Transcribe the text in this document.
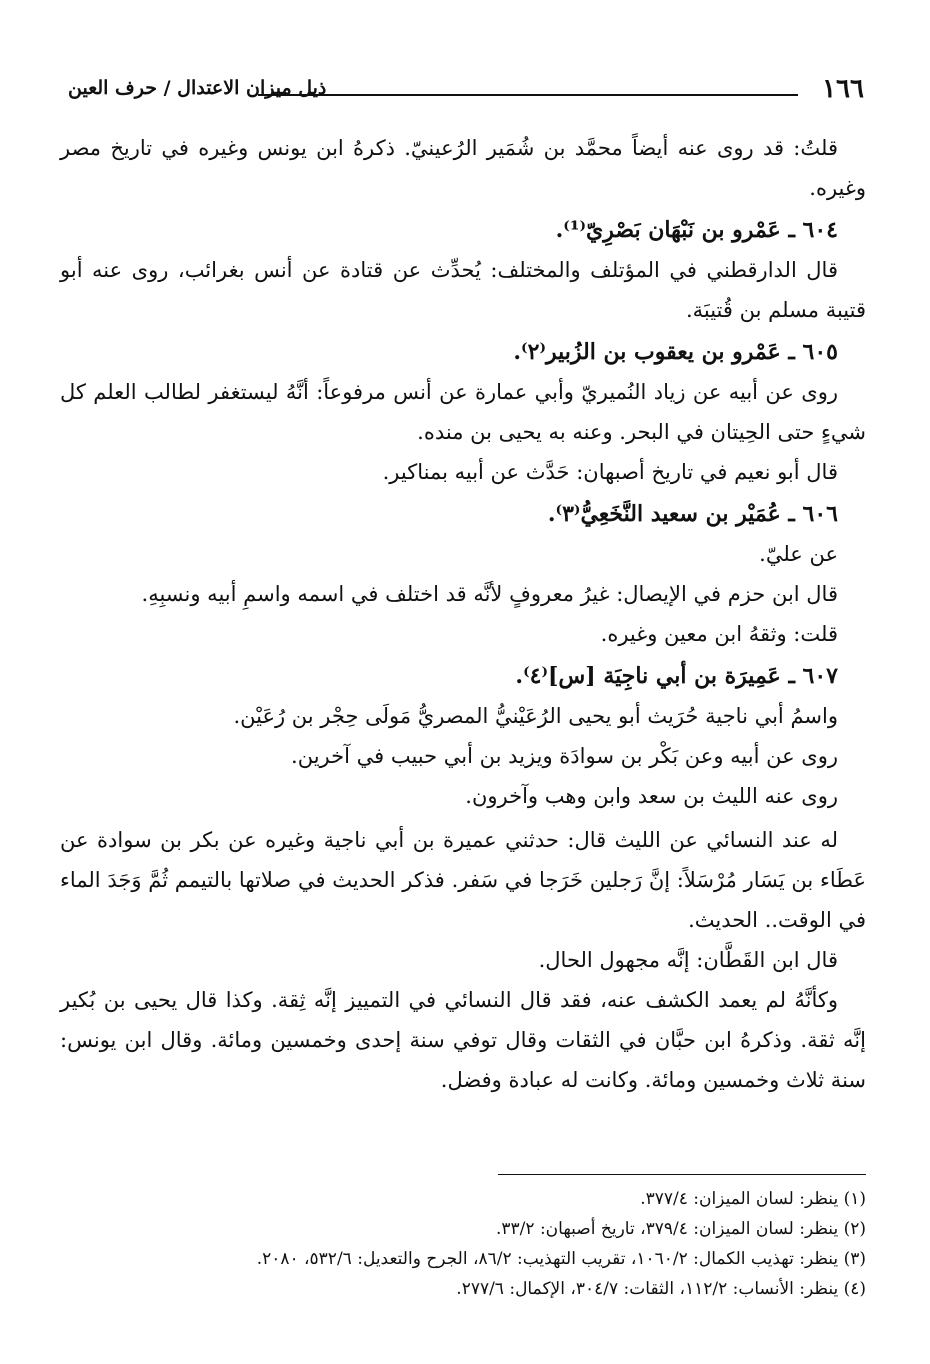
١٦٦
ذيل ميزان الاعتدال / حرف العين

قلتُ: قد روى عنه أيضاً محمَّد بن شُمَير الرُعينيّ. ذكرهُ ابن يونس وغيره في تاريخ مصر وغيره.

٦٠٤ ـ عَمْرو بن نَبْهَان بَصْرِيّ⁽¹⁾.

قال الدارقطني في المؤتلف والمختلف: يُحدِّث عن قتادة عن أنس بغرائب، روى عنه أبو قتيبة مسلم بن قُتيبَة.

٦٠٥ ـ عَمْرو بن يعقوب بن الزُبير⁽٢⁾.

روى عن أبيه عن زياد النُميريّ وأبي عمارة عن أنس مرفوعاً: أنَّهُ ليستغفر لطالب العلم كل شيءٍ حتى الحِيتان في البحر. وعنه به يحيى بن منده.

قال أبو نعيم في تاريخ أصبهان: حَدَّث عن أبيه بمناكير.

٦٠٦ ـ عُمَيْر بن سعيد النَّخَعِيُّ⁽٣⁾.

عن عليّ.

قال ابن حزم في الإيصال: غيرُ معروفٍ لأنَّه قد اختلف في اسمه واسمِ أبيه ونسبِهِ.

قلت: وثقهُ ابن معين وغيره.

٦٠٧ ـ عَمِيرَة بن أبي ناجِيَة [س]⁽٤⁾.

واسمُ أبي ناجية حُرَيث أبو يحيى الرُعَيْنيُّ المصريُّ مَولَى حِجْر بن رُعَيْن.

روى عن أبيه وعن بَكْر بن سوادَة ويزيد بن أبي حبيب في آخرين.

روى عنه الليث بن سعد وابن وهب وآخرون.

له عند النسائي عن الليث قال: حدثني عميرة بن أبي ناجية وغيره عن بكر بن سوادة عن عَطَاء بن يَسَار مُرْسَلاً: إنَّ رَجلين خَرَجا في سَفر. فذكر الحديث في صلاتها بالتيمم ثُمَّ وَجَدَ الماء في الوقت.. الحديث.

قال ابن القَطَّان: إنَّه مجهول الحال.

وكأنَّهُ لم يعمد الكشف عنه، فقد قال النسائي في التمييز إنَّه ثِقة. وكذا قال يحيى بن بُكير إنَّه ثقة. وذكرهُ ابن حبَّان في الثقات وقال توفي سنة إحدى وخمسين ومائة. وقال ابن يونس: سنة ثلاث وخمسين ومائة. وكانت له عبادة وفضل.

(١) ينظر: لسان الميزان: ٣٧٧/٤.

(٢) ينظر: لسان الميزان: ٣٧٩/٤، تاريخ أصبهان: ٣٣/٢.

(٣) ينظر: تهذيب الكمال: ١٠٦٠/٢، تقريب التهذيب: ٨٦/٢، الجرح والتعديل: ٥٣٢/٦، ٢٠٨٠.

(٤) ينظر: الأنساب: ١١٢/٢، الثقات: ٣٠٤/٧، الإكمال: ٢٧٧/٦.
